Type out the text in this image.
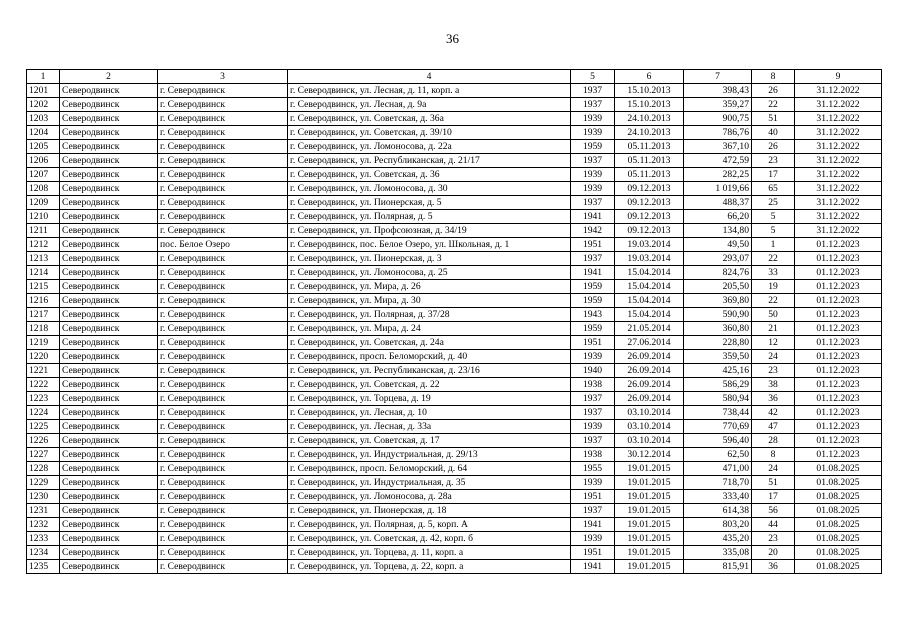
36
1	2	3	4	5	6	7	8	9
1201	Северодвинск	г. Северодвинск	г. Северодвинск, ул. Лесная, д. 11, корп. а	1937	15.10.2013	398,43	26	31.12.2022
1202	Северодвинск	г. Северодвинск	г. Северодвинск, ул. Лесная, д. 9а	1937	15.10.2013	359,27	22	31.12.2022
1203	Северодвинск	г. Северодвинск	г. Северодвинск, ул. Советская, д. 36а	1939	24.10.2013	900,75	51	31.12.2022
1204	Северодвинск	г. Северодвинск	г. Северодвинск, ул. Советская, д. 39/10	1939	24.10.2013	786,76	40	31.12.2022
1205	Северодвинск	г. Северодвинск	г. Северодвинск, ул. Ломоносова, д. 22а	1959	05.11.2013	367,10	26	31.12.2022
1206	Северодвинск	г. Северодвинск	г. Северодвинск, ул. Республиканская, д. 21/17	1937	05.11.2013	472,59	23	31.12.2022
1207	Северодвинск	г. Северодвинск	г. Северодвинск, ул. Советская, д. 36	1939	05.11.2013	282,25	17	31.12.2022
1208	Северодвинск	г. Северодвинск	г. Северодвинск, ул. Ломоносова, д. 30	1939	09.12.2013	1 019,66	65	31.12.2022
1209	Северодвинск	г. Северодвинск	г. Северодвинск, ул. Пионерская, д. 5	1937	09.12.2013	488,37	25	31.12.2022
1210	Северодвинск	г. Северодвинск	г. Северодвинск, ул. Полярная, д. 5	1941	09.12.2013	66,20	5	31.12.2022
1211	Северодвинск	г. Северодвинск	г. Северодвинск, ул. Профсоюзная, д. 34/19	1942	09.12.2013	134,80	5	31.12.2022
1212	Северодвинск	пос. Белое Озеро	г. Северодвинск, пос. Белое Озеро, ул. Школьная, д. 1	1951	19.03.2014	49,50	1	01.12.2023
1213	Северодвинск	г. Северодвинск	г. Северодвинск, ул. Пионерская, д. 3	1937	19.03.2014	293,07	22	01.12.2023
1214	Северодвинск	г. Северодвинск	г. Северодвинск, ул. Ломоносова, д. 25	1941	15.04.2014	824,76	33	01.12.2023
1215	Северодвинск	г. Северодвинск	г. Северодвинск, ул. Мира, д. 26	1959	15.04.2014	205,50	19	01.12.2023
1216	Северодвинск	г. Северодвинск	г. Северодвинск, ул. Мира, д. 30	1959	15.04.2014	369,80	22	01.12.2023
1217	Северодвинск	г. Северодвинск	г. Северодвинск, ул. Полярная, д. 37/28	1943	15.04.2014	590,90	50	01.12.2023
1218	Северодвинск	г. Северодвинск	г. Северодвинск, ул. Мира, д. 24	1959	21.05.2014	360,80	21	01.12.2023
1219	Северодвинск	г. Северодвинск	г. Северодвинск, ул. Советская, д. 24а	1951	27.06.2014	228,80	12	01.12.2023
1220	Северодвинск	г. Северодвинск	г. Северодвинск, просп. Беломорский, д. 40	1939	26.09.2014	359,50	24	01.12.2023
1221	Северодвинск	г. Северодвинск	г. Северодвинск, ул. Республиканская, д. 23/16	1940	26.09.2014	425,16	23	01.12.2023
1222	Северодвинск	г. Северодвинск	г. Северодвинск, ул. Советская, д. 22	1938	26.09.2014	586,29	38	01.12.2023
1223	Северодвинск	г. Северодвинск	г. Северодвинск, ул. Торцева, д. 19	1937	26.09.2014	580,94	36	01.12.2023
1224	Северодвинск	г. Северодвинск	г. Северодвинск, ул. Лесная, д. 10	1937	03.10.2014	738,44	42	01.12.2023
1225	Северодвинск	г. Северодвинск	г. Северодвинск, ул. Лесная, д. 33а	1939	03.10.2014	770,69	47	01.12.2023
1226	Северодвинск	г. Северодвинск	г. Северодвинск, ул. Советская, д. 17	1937	03.10.2014	596,40	28	01.12.2023
1227	Северодвинск	г. Северодвинск	г. Северодвинск, ул. Индустриальная, д. 29/13	1938	30.12.2014	62,50	8	01.12.2023
1228	Северодвинск	г. Северодвинск	г. Северодвинск, просп. Беломорский, д. 64	1955	19.01.2015	471,00	24	01.08.2025
1229	Северодвинск	г. Северодвинск	г. Северодвинск, ул. Индустриальная, д. 35	1939	19.01.2015	718,70	51	01.08.2025
1230	Северодвинск	г. Северодвинск	г. Северодвинск, ул. Ломоносова, д. 28а	1951	19.01.2015	333,40	17	01.08.2025
1231	Северодвинск	г. Северодвинск	г. Северодвинск, ул. Пионерская, д. 18	1937	19.01.2015	614,38	56	01.08.2025
1232	Северодвинск	г. Северодвинск	г. Северодвинск, ул. Полярная, д. 5, корп. А	1941	19.01.2015	803,20	44	01.08.2025
1233	Северодвинск	г. Северодвинск	г. Северодвинск, ул. Советская, д. 42, корп. б	1939	19.01.2015	435,20	23	01.08.2025
1234	Северодвинск	г. Северодвинск	г. Северодвинск, ул. Торцева, д. 11, корп. а	1951	19.01.2015	335,08	20	01.08.2025
1235	Северодвинск	г. Северодвинск	г. Северодвинск, ул. Торцева, д. 22, корп. а	1941	19.01.2015	815,91	36	01.08.2025
